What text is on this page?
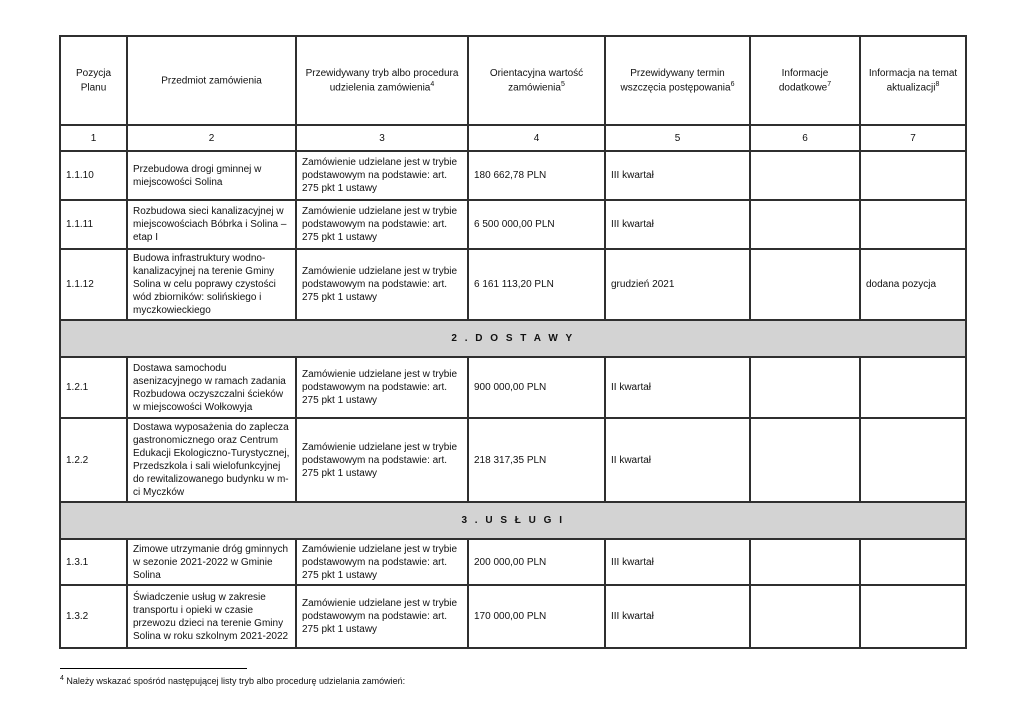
Pozycja Planu	Przedmiot zamówienia	Przewidywany tryb albo procedura udzielenia zamówienia$^4$	Orientacyjna wartość zamówienia$^5$	Przewidywany termin wszczęcia postępowania$^6$	Informacje dodatkowe$^7$	Informacja na temat aktualizacji$^8$
1	2	3	4	5	6	7
1.1.10	Przebudowa drogi gminnej w miejscowości Solina	Zamówienie udzielane jest w trybie podstawowym na podstawie: art. 275 pkt 1 ustawy	180 662,78 PLN	III kwartał		
1.1.11	Rozbudowa sieci kanalizacyjnej w miejscowościach Bóbrka i Solina – etap I	Zamówienie udzielane jest w trybie podstawowym na podstawie: art. 275 pkt 1 ustawy	6 500 000,00 PLN	III kwartał		
1.1.12	Budowa infrastruktury wodno-kanalizacyjnej na terenie Gminy Solina w celu poprawy czystości wód zbiorników: solińskiego i myczkowieckiego	Zamówienie udzielane jest w trybie podstawowym na podstawie: art. 275 pkt 1 ustawy	6 161 113,20 PLN	grudzień 2021		dodana pozycja
2 . D O S T A W Y						
1.2.1	Dostawa samochodu asenizacyjnego w ramach zadania Rozbudowa oczyszczalni ścieków w miejscowości Wołkowyja	Zamówienie udzielane jest w trybie podstawowym na podstawie: art. 275 pkt 1 ustawy	900 000,00 PLN	II kwartał		
1.2.2	Dostawa wyposażenia do zaplecza gastronomicznego oraz Centrum Edukacji Ekologiczno-Turystycznej, Przedszkola i sali wielofunkcyjnej do rewitalizowanego budynku w m-ci Myczków	Zamówienie udzielane jest w trybie podstawowym na podstawie: art. 275 pkt 1 ustawy	218 317,35 PLN	II kwartał		
3 . U S Ł U G I						
1.3.1	Zimowe utrzymanie dróg gminnych w sezonie 2021-2022 w Gminie Solina	Zamówienie udzielane jest w trybie podstawowym na podstawie: art. 275 pkt 1 ustawy	200 000,00 PLN	III kwartał		
1.3.2	Świadczenie usług w zakresie transportu i opieki w czasie przewozu dzieci na terenie Gminy Solina w roku szkolnym 2021-2022	Zamówienie udzielane jest w trybie podstawowym na podstawie: art. 275 pkt 1 ustawy	170 000,00 PLN	III kwartał		
$^4$ Należy wskazać spośród następującej listy tryb albo procedurę udzielania zamówień:
